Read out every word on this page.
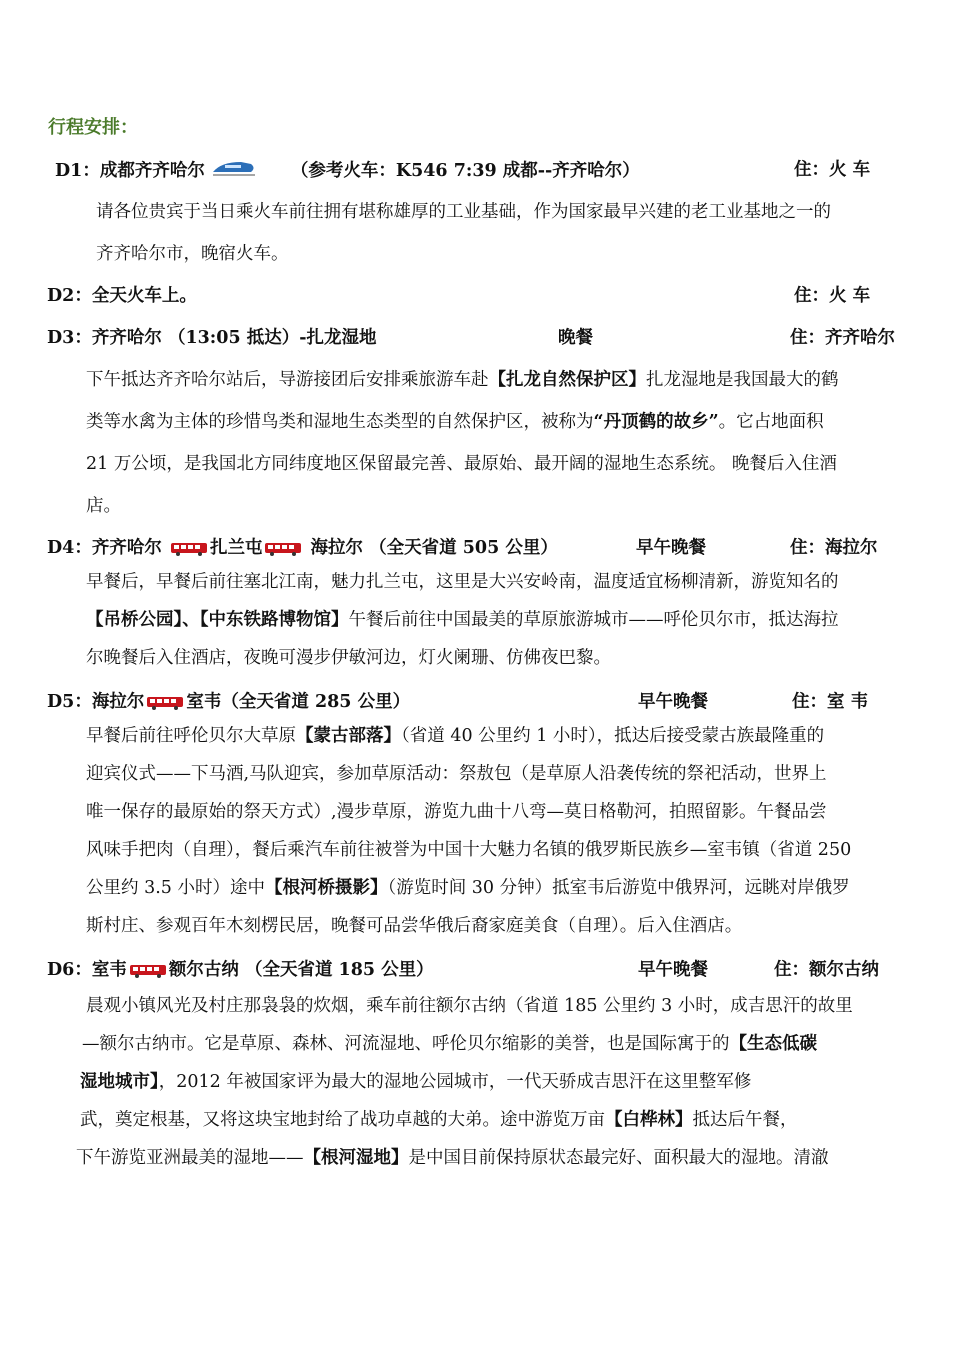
行程安排：
D1：成都齐齐哈尔	（参考火车：K546 7:39 成都--齐齐哈尔）	住：火 车
请各位贵宾于当日乘火车前往拥有堪称雄厚的工业基础，作为国家最早兴建的老工业基地之一的
齐齐哈尔市，晚宿火车。
D2：全天火车上。	住：火 车
D3：齐齐哈尔 （13:05 抵达）-扎龙湿地	晚餐	住：齐齐哈尔
下午抵达齐齐哈尔站后，导游接团后安排乘旅游车赴【扎龙自然保护区】扎龙湿地是我国最大的鹤
类等水禽为主体的珍惜鸟类和湿地生态类型的自然保护区，被称为“丹顶鹤的故乡”。它占地面积
21 万公顷，是我国北方同纬度地区保留最完善、最原始、最开阔的湿地生态系统。 晚餐后入住酒
店。
D4：齐齐哈尔	扎兰屯	海拉尔 （全天省道 505 公里）	早午晚餐	住：海拉尔
早餐后，早餐后前往塞北江南，魅力扎兰屯，这里是大兴安岭南，温度适宜杨柳清新，游览知名的
【吊桥公园】、【中东铁路博物馆】午餐后前往中国最美的草原旅游城市——呼伦贝尔市，抵达海拉
尔晚餐后入住酒店，夜晚可漫步伊敏河边，灯火阑珊、仿佛夜巴黎。
D5：海拉尔 室韦（全天省道 285 公里）	早午晚餐	住：室 韦
早餐后前往呼伦贝尔大草原【蒙古部落】（省道 40 公里约 1 小时），抵达后接受蒙古族最隆重的
迎宾仪式——下马酒,马队迎宾，参加草原活动：祭敖包（是草原人沿袭传统的祭祀活动，世界上
唯一保存的最原始的祭天方式）,漫步草原，游览九曲十八弯—莫日格勒河，拍照留影。午餐品尝
风味手把肉（自理），餐后乘汽车前往被誉为中国十大魅力名镇的俄罗斯民族乡—室韦镇（省道 250
公里约 3.5 小时）途中【根河桥摄影】（游览时间 30 分钟）抵室韦后游览中俄界河，远眺对岸俄罗
斯村庄、参观百年木刻楞民居，晚餐可品尝华俄后裔家庭美食（自理）。后入住酒店。
D6：室韦 额尔古纳 （全天省道 185 公里）	早午晚餐	住：额尔古纳
晨观小镇风光及村庄那袅袅的炊烟，乘车前往额尔古纳（省道 185 公里约 3 小时，成吉思汗的故里
—额尔古纳市。它是草原、森林、河流湿地、呼伦贝尔缩影的美誉，也是国际寓于的【生态低碳
湿地城市】，2012 年被国家评为最大的湿地公园城市，一代天骄成吉思汗在这里整军修
武，奠定根基，又将这块宝地封给了战功卓越的大弟。途中游览万亩【白桦林】抵达后午餐，
下午游览亚洲最美的湿地——【根河湿地】是中国目前保持原状态最完好、面积最大的湿地。清澈
